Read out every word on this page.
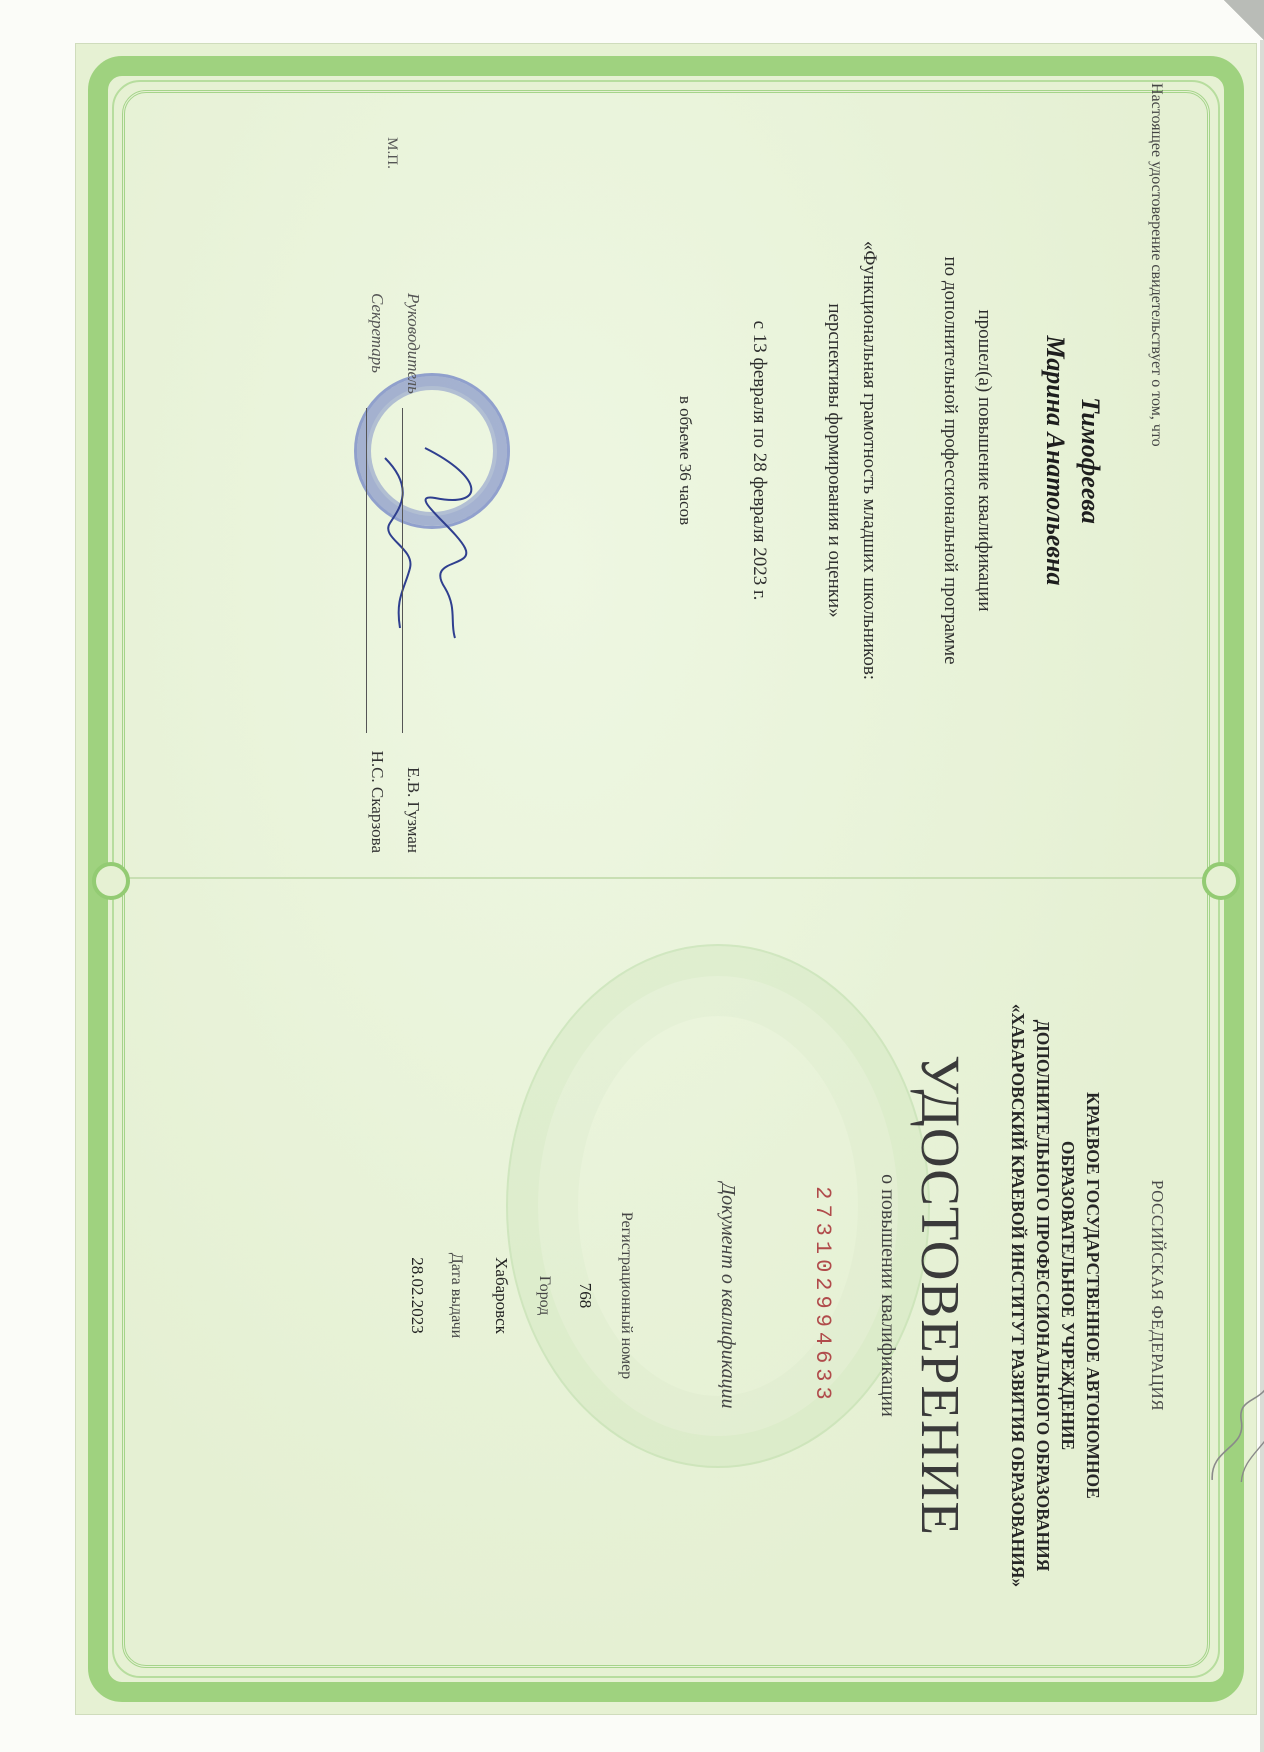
Настоящее удостоверение свидетельствует о том, что
Тимофеева
Марина Анатольевна
прошел(а) повышение квалификации
по дополнительной профессиональной программе
«Функциональная грамотность младших школьников:
перспективы формирования и оценки»
с 13 февраля по 28 февраля 2023 г.
в объеме 36 часов
М.П.
Руководитель
Е.В. Гузман
Секретарь
Н.С. Скарзова
РОССИЙСКАЯ ФЕДЕРАЦИЯ
КРАЕВОЕ ГОСУДАРСТВЕННОЕ АВТОНОМНОЕ
ОБРАЗОВАТЕЛЬНОЕ УЧРЕЖДЕНИЕ
ДОПОЛНИТЕЛЬНОГО ПРОФЕССИОНАЛЬНОГО ОБРАЗОВАНИЯ
«ХАБАРОВСКИЙ КРАЕВОЙ ИНСТИТУТ РАЗВИТИЯ ОБРАЗОВАНИЯ»
УДОСТОВЕРЕНИЕ
о повышении квалификации
273102994633
Документ о квалификации
Регистрационный номер
768
Город
Хабаровск
Дата выдачи
28.02.2023
